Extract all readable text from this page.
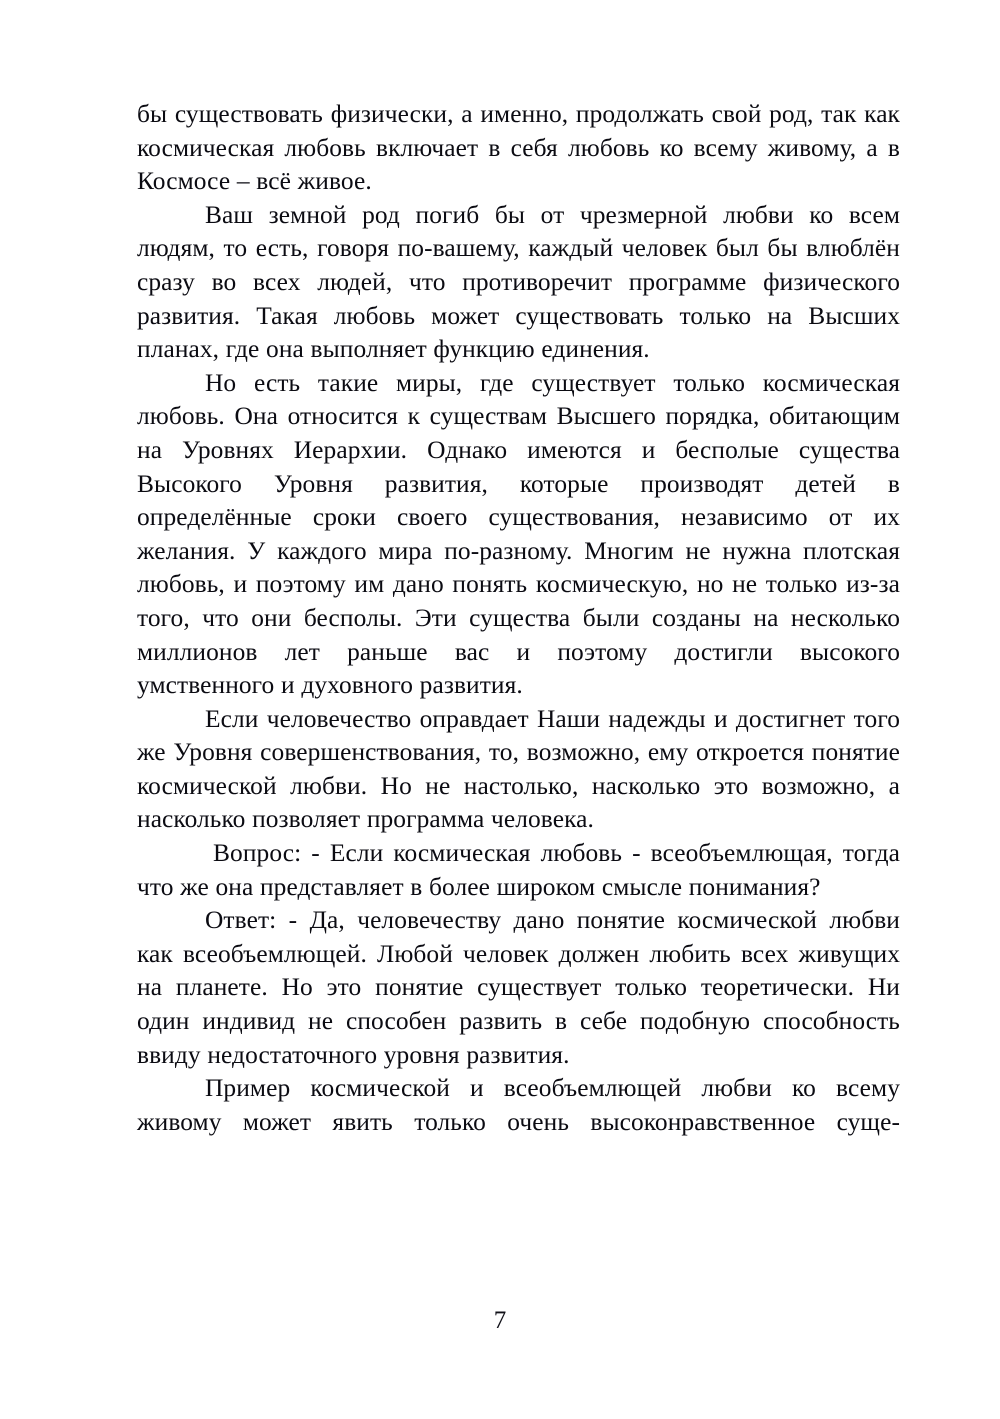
бы существовать физически, а именно, продолжать свой род, так как космическая любовь включает в себя любовь ко всему живому, а в Космосе – всё живое.

Ваш земной род погиб бы от чрезмерной любви ко всем людям, то есть, говоря по-вашему, каждый человек был бы влюблён сразу во всех людей, что противоречит программе физического развития. Такая любовь может существовать только на Высших планах, где она выполняет функцию единения.

Но есть такие миры, где существует только космическая любовь. Она относится к существам Высшего порядка, обитающим на Уровнях Иерархии. Однако имеются и бесполые существа Высокого Уровня развития, которые производят детей в определённые сроки своего существования, независимо от их желания. У каждого мира по-разному. Многим не нужна плотская любовь, и поэтому им дано понять космическую, но не только из-за того, что они бесполы. Эти существа были созданы на несколько миллионов лет раньше вас и поэтому достигли высокого умственного и духовного развития.

Если человечество оправдает Наши надежды и достигнет того же Уровня совершенствования, то, возможно, ему откроется понятие космической любви. Но не настолько, насколько это возможно, а насколько позволяет программа человека.

Вопрос: - Если космическая любовь - всеобъемлющая, тогда что же она представляет в более широком смысле понимания?

Ответ: - Да, человечеству дано понятие космической любви как всеобъемлющей. Любой человек должен любить всех живущих на планете. Но это понятие существует только теоретически. Ни один индивид не способен развить в себе подобную способность ввиду недостаточного уровня развития.

Пример космической и всеобъемлющей любви ко всему живому может явить только очень высоконравственное суще-

7
